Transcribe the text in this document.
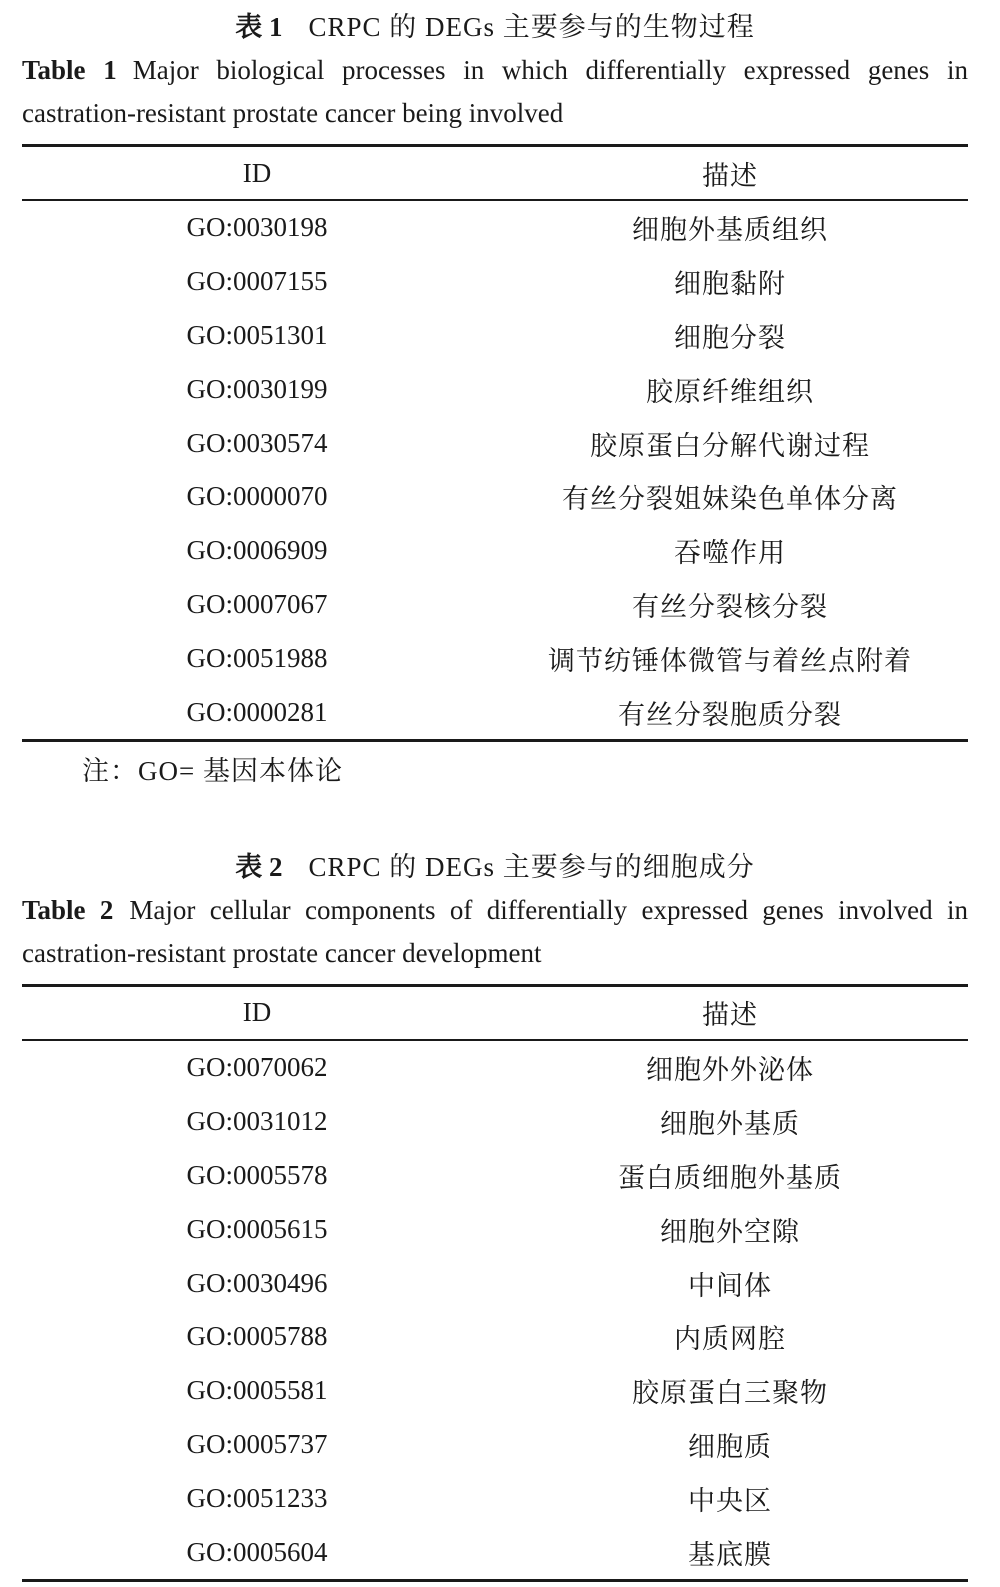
表 1 CRPC 的 DEGs 主要参与的生物过程
Table 1 Major biological processes in which differentially expressed genes in castration-resistant prostate cancer being involved
ID	描述
GO:0030198	细胞外基质组织
GO:0007155	细胞黏附
GO:0051301	细胞分裂
GO:0030199	胶原纤维组织
GO:0030574	胶原蛋白分解代谢过程
GO:0000070	有丝分裂姐妹染色单体分离
GO:0006909	吞噬作用
GO:0007067	有丝分裂核分裂
GO:0051988	调节纺锤体微管与着丝点附着
GO:0000281	有丝分裂胞质分裂
注：GO= 基因本体论
表 2 CRPC 的 DEGs 主要参与的细胞成分
Table 2 Major cellular components of differentially expressed genes involved in castration-resistant prostate cancer development
ID	描述
GO:0070062	细胞外外泌体
GO:0031012	细胞外基质
GO:0005578	蛋白质细胞外基质
GO:0005615	细胞外空隙
GO:0030496	中间体
GO:0005788	内质网腔
GO:0005581	胶原蛋白三聚物
GO:0005737	细胞质
GO:0051233	中央区
GO:0005604	基底膜
